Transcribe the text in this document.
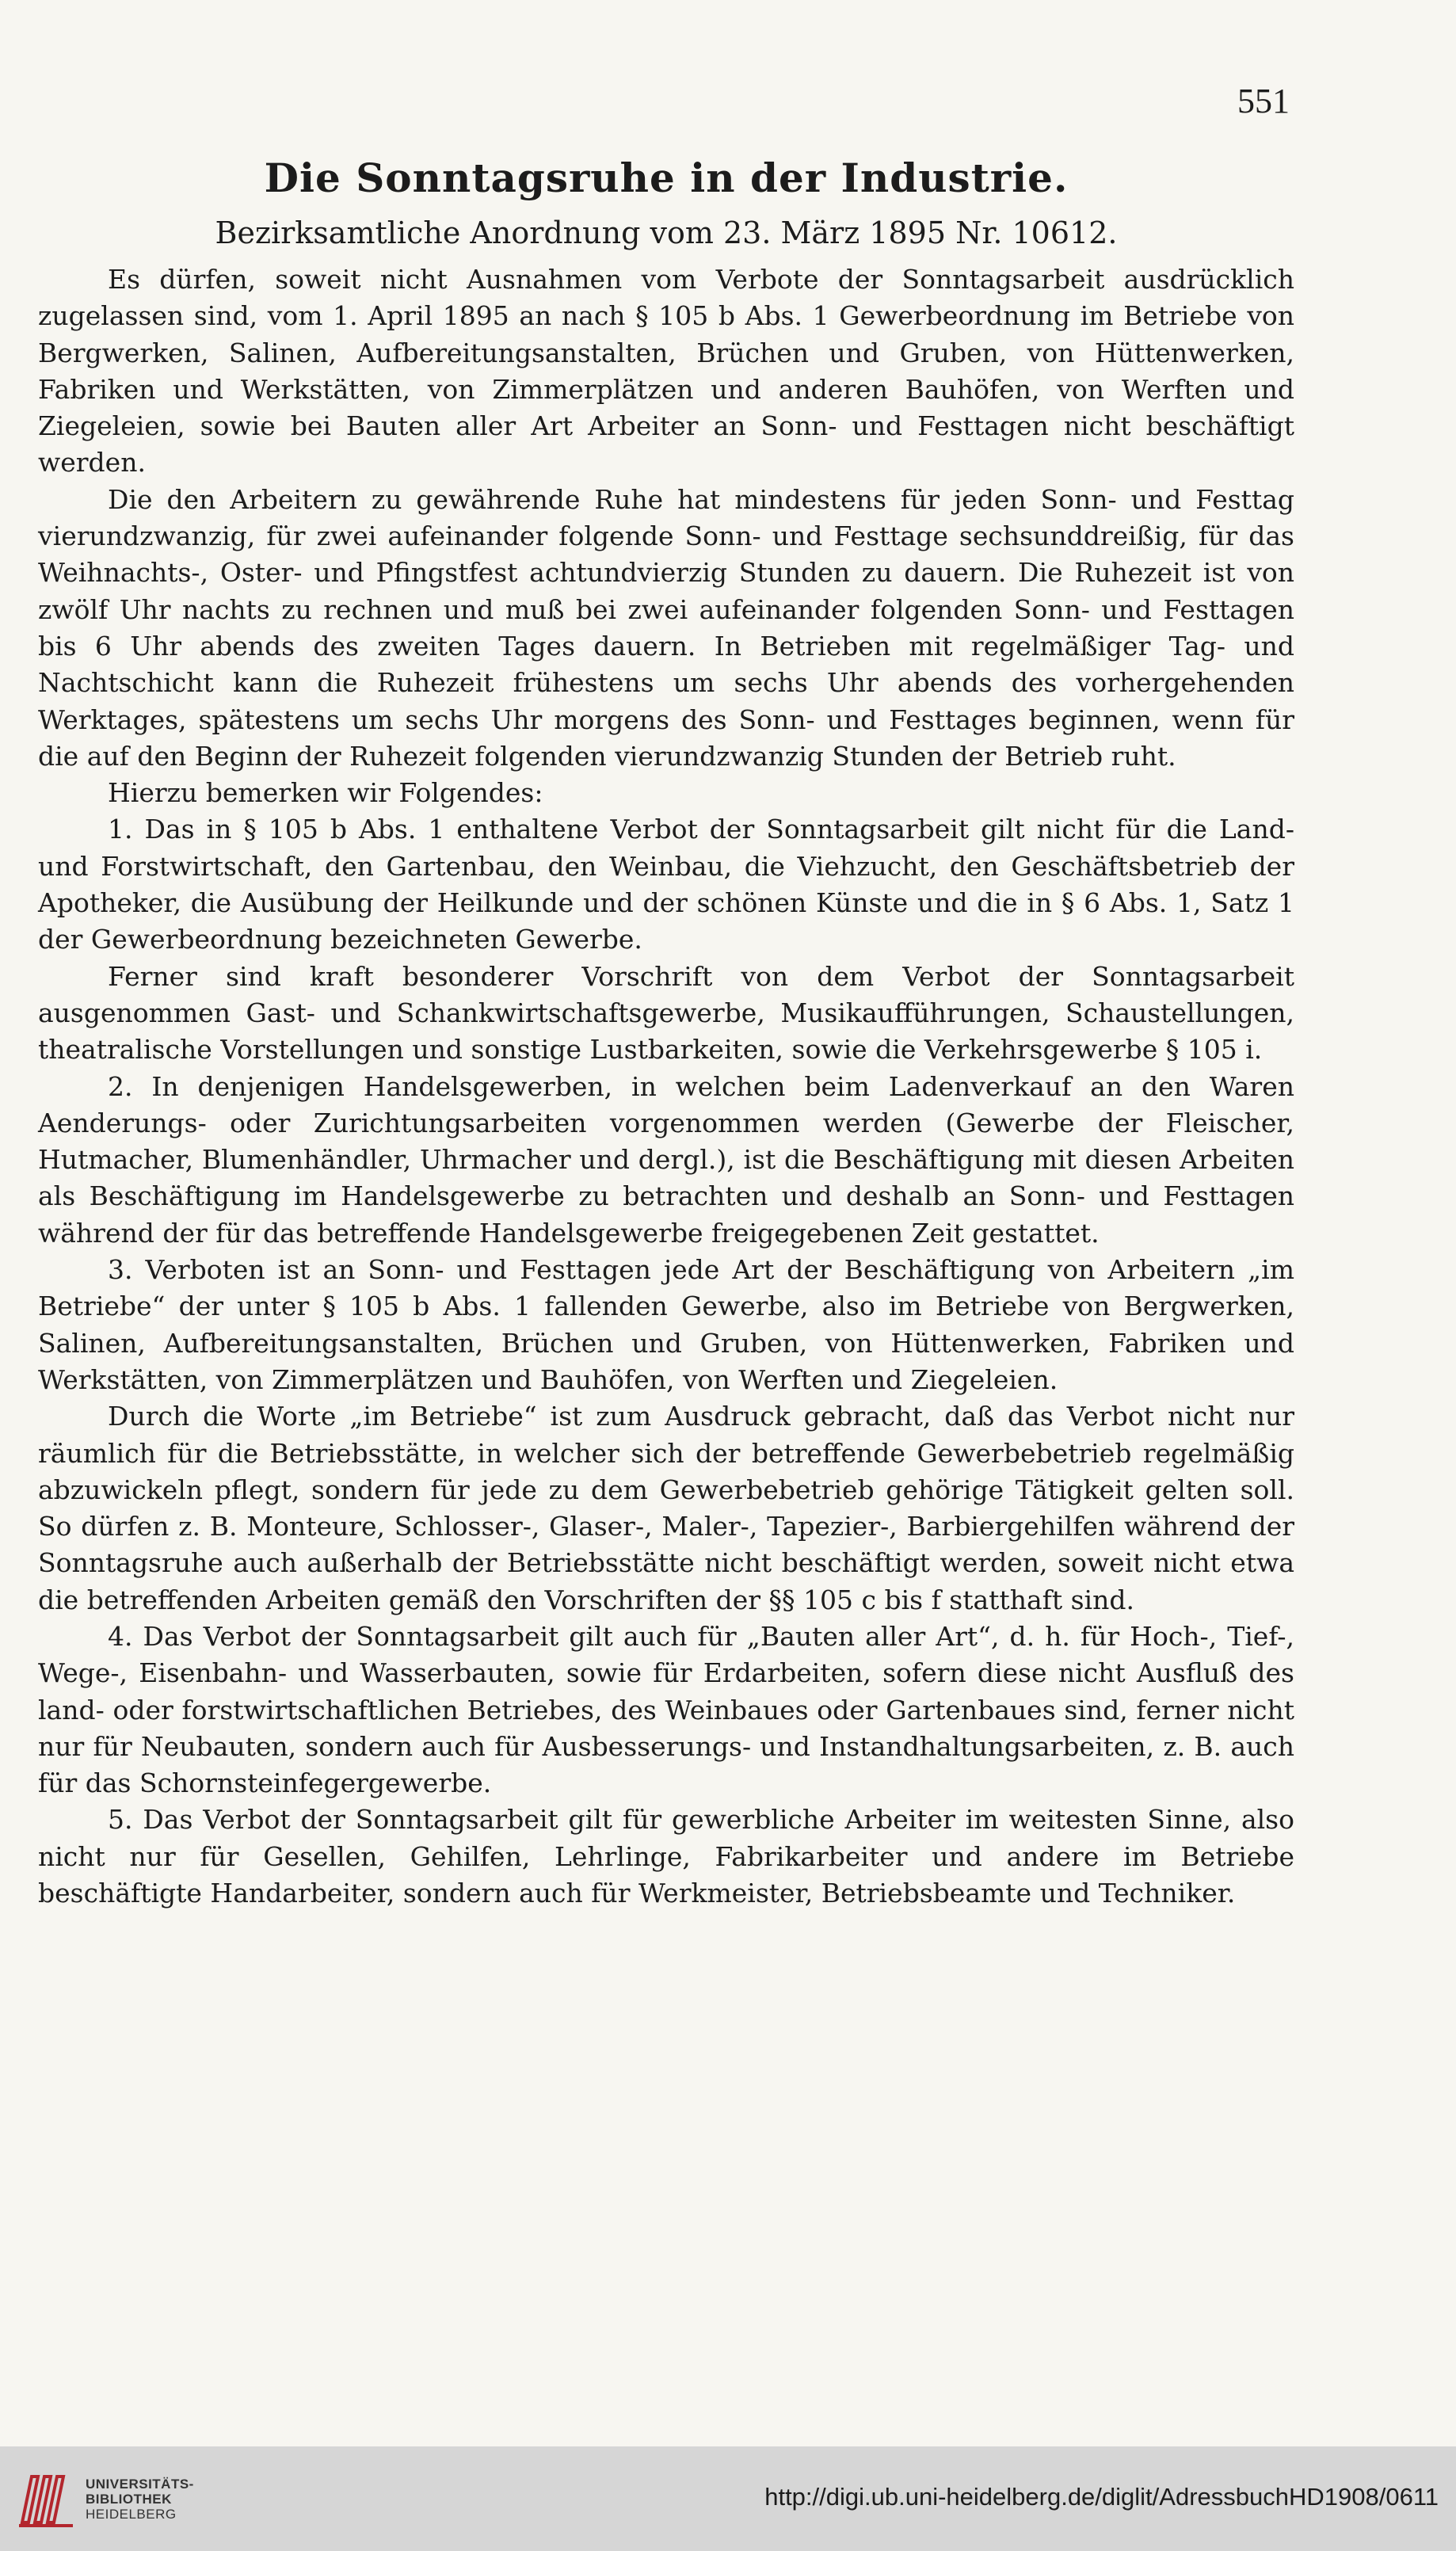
551
Die Sonntagsruhe in der Industrie.
Bezirksamtliche Anordnung vom 23. März 1895 Nr. 10612.

Es dürfen, soweit nicht Ausnahmen vom Verbote der Sonntagsarbeit ausdrücklich zugelassen sind, vom 1. April 1895 an nach § 105 b Abs. 1 Gewerbeordnung im Betriebe von Bergwerken, Salinen, Aufbereitungsanstalten, Brüchen und Gruben, von Hüttenwerken, Fabriken und Werkstätten, von Zimmerplätzen und anderen Bauhöfen, von Werften und Ziegeleien, sowie bei Bauten aller Art Arbeiter an Sonn- und Festtagen nicht beschäftigt werden.

Die den Arbeitern zu gewährende Ruhe hat mindestens für jeden Sonn- und Festtag vierundzwanzig, für zwei aufeinander folgende Sonn- und Festtage sechsunddreißig, für das Weihnachts-, Oster- und Pfingstfest achtundvierzig Stunden zu dauern. Die Ruhezeit ist von zwölf Uhr nachts zu rechnen und muß bei zwei aufeinander folgenden Sonn- und Festtagen bis 6 Uhr abends des zweiten Tages dauern. In Betrieben mit regelmäßiger Tag- und Nachtschicht kann die Ruhezeit frühestens um sechs Uhr abends des vorhergehenden Werktages, spätestens um sechs Uhr morgens des Sonn- und Festtages beginnen, wenn für die auf den Beginn der Ruhezeit folgenden vierundzwanzig Stunden der Betrieb ruht.

Hierzu bemerken wir Folgendes:

1. Das in § 105 b Abs. 1 enthaltene Verbot der Sonntagsarbeit gilt nicht für die Land- und Forstwirtschaft, den Gartenbau, den Weinbau, die Viehzucht, den Geschäftsbetrieb der Apotheker, die Ausübung der Heilkunde und der schönen Künste und die in § 6 Abs. 1, Satz 1 der Gewerbeordnung bezeichneten Gewerbe.

Ferner sind kraft besonderer Vorschrift von dem Verbot der Sonntagsarbeit ausgenommen Gast- und Schankwirtschaftsgewerbe, Musikaufführungen, Schaustellungen, theatralische Vorstellungen und sonstige Lustbarkeiten, sowie die Verkehrsgewerbe § 105 i.

2. In denjenigen Handelsgewerben, in welchen beim Ladenverkauf an den Waren Aenderungs- oder Zurichtungsarbeiten vorgenommen werden (Gewerbe der Fleischer, Hutmacher, Blumenhändler, Uhrmacher und dergl.), ist die Beschäftigung mit diesen Arbeiten als Beschäftigung im Handelsgewerbe zu betrachten und deshalb an Sonn- und Festtagen während der für das betreffende Handelsgewerbe freigegebenen Zeit gestattet.

3. Verboten ist an Sonn- und Festtagen jede Art der Beschäftigung von Arbeitern „im Betriebe“ der unter § 105 b Abs. 1 fallenden Gewerbe, also im Betriebe von Bergwerken, Salinen, Aufbereitungsanstalten, Brüchen und Gruben, von Hüttenwerken, Fabriken und Werkstätten, von Zimmerplätzen und Bauhöfen, von Werften und Ziegeleien.

Durch die Worte „im Betriebe“ ist zum Ausdruck gebracht, daß das Verbot nicht nur räumlich für die Betriebsstätte, in welcher sich der betreffende Gewerbebetrieb regelmäßig abzuwickeln pflegt, sondern für jede zu dem Gewerbebetrieb gehörige Tätigkeit gelten soll. So dürfen z. B. Monteure, Schlosser-, Glaser-, Maler-, Tapezier-, Barbiergehilfen während der Sonntagsruhe auch außerhalb der Betriebsstätte nicht beschäftigt werden, soweit nicht etwa die betreffenden Arbeiten gemäß den Vorschriften der §§ 105 c bis f statthaft sind.

4. Das Verbot der Sonntagsarbeit gilt auch für „Bauten aller Art“, d. h. für Hoch-, Tief-, Wege-, Eisenbahn- und Wasserbauten, sowie für Erdarbeiten, sofern diese nicht Ausfluß des land- oder forstwirtschaftlichen Betriebes, des Weinbaues oder Gartenbaues sind, ferner nicht nur für Neubauten, sondern auch für Ausbesserungs- und Instandhaltungsarbeiten, z. B. auch für das Schornsteinfegergewerbe.

5. Das Verbot der Sonntagsarbeit gilt für gewerbliche Arbeiter im weitesten Sinne, also nicht nur für Gesellen, Gehilfen, Lehrlinge, Fabrikarbeiter und andere im Betriebe beschäftigte Handarbeiter, sondern auch für Werkmeister, Betriebsbeamte und Techniker.

UNIVERSITÄTS-
BIBLIOTHEK
HEIDELBERG
http://digi.ub.uni-heidelberg.de/diglit/AdressbuchHD1908/0611
